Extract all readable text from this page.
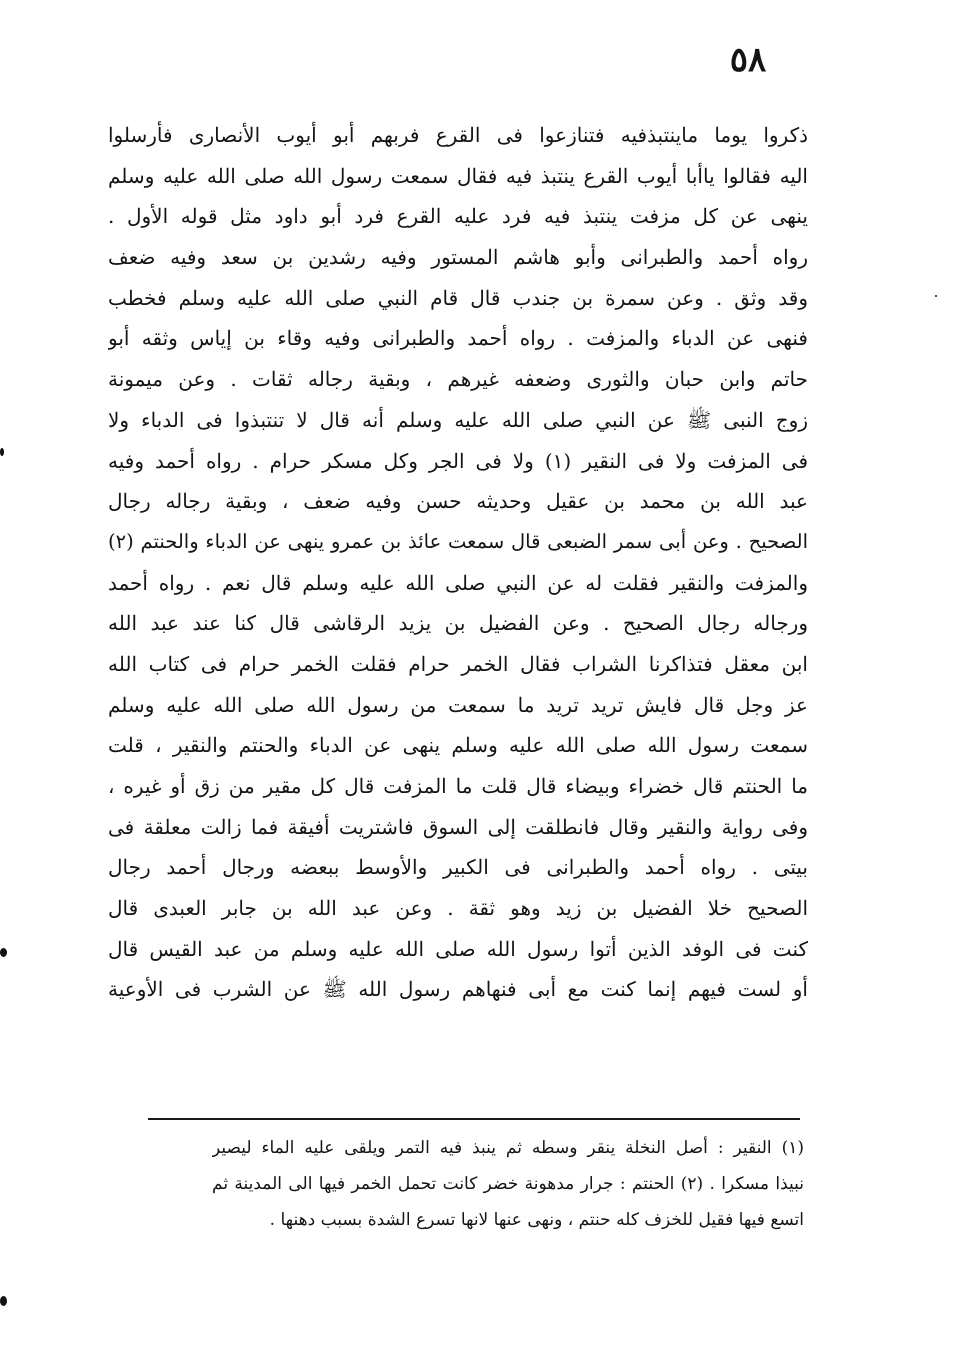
٥٨
ذكروا يوما ماينتبذفيه فتنازعوا فى القرع فربهم أبو أيوب الأنصارى فأرسلوا
اليه فقالوا ياأبا أيوب القرع ينتبذ فيه فقال سمعت رسول الله صلى الله عليه وسلم
ينهى عن كل مزفت ينتبذ فيه فرد عليه القرع فرد أبو داود مثل قوله الأول .
رواه أحمد والطبرانى وأبو هاشم المستور وفيه رشدين بن سعد وفيه ضعف
وقد وثق . وعن سمرة بن جندب قال قام النبي صلى الله عليه وسلم فخطب
فنهى عن الدباء والمزفت . رواه أحمد والطبرانى وفيه وقاء بن إياس وثقه أبو
حاتم وابن حبان والثورى وضعفه غيرهم ، وبقية رجاله ثقات . وعن ميمونة
زوج النبى ﷺ عن النبي صلى الله عليه وسلم أنه قال لا تنتبذوا فى الدباء ولا
فى المزفت ولا فى النقير (١) ولا فى الجر وكل مسكر حرام . رواه أحمد وفيه
عبد الله بن محمد بن عقيل وحديثه حسن وفيه ضعف ، وبقية رجاله رجال
الصحيح . وعن أبى سمر الضبعى قال سمعت عائذ بن عمرو ينهى عن الدباء والحنتم (٢)
والمزفت والنقير فقلت له عن النبي صلى الله عليه وسلم قال نعم . رواه أحمد
ورجاله رجال الصحيح . وعن الفضيل بن يزيد الرقاشى قال كنا عند عبد الله
ابن معقل فتذاكرنا الشراب فقال الخمر حرام فقلت الخمر حرام فى كتاب الله
عز وجل قال فايش تريد تريد ما سمعت من رسول الله صلى الله عليه وسلم
سمعت رسول الله صلى الله عليه وسلم ينهى عن الدباء والحنتم والنقير ، قلت
ما الحنتم قال خضراء وبيضاء قال قلت ما المزفت قال كل مقير من زق أو غيره ،
وفى رواية والنقير وقال فانطلقت إلى السوق فاشتريت أفيقة فما زالت معلقة فى
بيتى . رواه أحمد والطبرانى فى الكبير والأوسط ببعضه ورجال أحمد رجال
الصحيح خلا الفضيل بن زيد وهو ثقة . وعن عبد الله بن جابر العبدى قال
كنت فى الوفد الذين أتوا رسول الله صلى الله عليه وسلم من عبد القيس قال
أو لست فيهم إنما كنت مع أبى فنهاهم رسول الله ﷺ عن الشرب فى الأوعية
(١) النقير : أصل النخلة ينقر وسطه ثم ينبذ فيه التمر ويلقى عليه الماء ليصير
نبيذا مسكرا . (٢) الحنتم : جرار مدهونة خضر كانت تحمل الخمر فيها الى المدينة ثم
اتسع فيها فقيل للخزف كله حنتم ، ونهى عنها لانها تسرع الشدة بسبب دهنها .
